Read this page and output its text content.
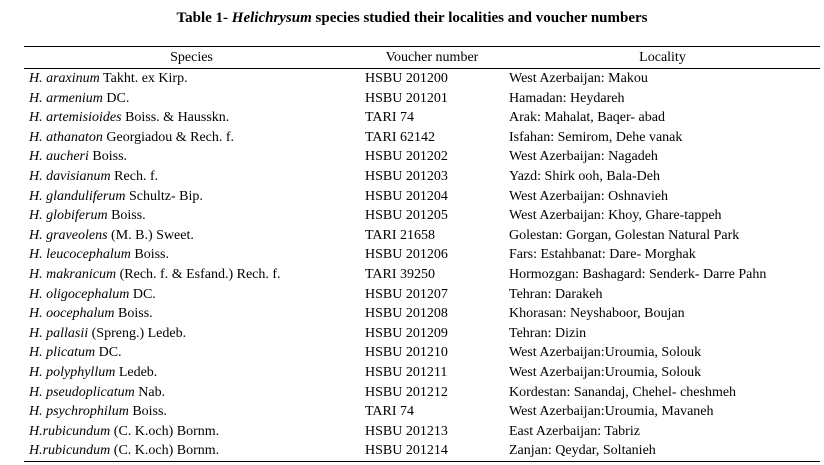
Table 1- Helichrysum species studied their localities and voucher numbers
Species	Voucher number	Locality
H. araxinum Takht. ex Kirp.	HSBU 201200	West Azerbaijan: Makou
H. armenium DC.	HSBU 201201	Hamadan: Heydareh
H. artemisioides Boiss. & Hausskn.	TARI 74	Arak: Mahalat, Baqer- abad
H. athanaton Georgiadou & Rech. f.	TARI 62142	Isfahan: Semirom, Dehe vanak
H. aucheri Boiss.	HSBU 201202	West Azerbaijan: Nagadeh
H. davisianum Rech. f.	HSBU 201203	Yazd: Shirk ooh, Bala-Deh
H. glanduliferum Schultz- Bip.	HSBU 201204	West Azerbaijan: Oshnavieh
H. globiferum Boiss.	HSBU 201205	West Azerbaijan: Khoy, Ghare-tappeh
H. graveolens (M. B.) Sweet.	TARI 21658	Golestan: Gorgan, Golestan Natural Park
H. leucocephalum Boiss.	HSBU 201206	Fars: Estahbanat: Dare- Morghak
H. makranicum (Rech. f. & Esfand.) Rech. f.	TARI 39250	Hormozgan: Bashagard: Senderk- Darre Pahn
H. oligocephalum DC.	HSBU 201207	Tehran: Darakeh
H. oocephalum Boiss.	HSBU 201208	Khorasan: Neyshaboor, Boujan
H. pallasii (Spreng.) Ledeb.	HSBU 201209	Tehran: Dizin
H. plicatum DC.	HSBU 201210	West Azerbaijan:Uroumia, Solouk
H. polyphyllum Ledeb.	HSBU 201211	West Azerbaijan:Uroumia, Solouk
H. pseudoplicatum Nab.	HSBU 201212	Kordestan: Sanandaj, Chehel- cheshmeh
H. psychrophilum Boiss.	TARI 74	West Azerbaijan:Uroumia, Mavaneh
H.rubicundum (C. K.och) Bornm.	HSBU 201213	East Azerbaijan: Tabriz
H.rubicundum (C. K.och) Bornm.	HSBU 201214	Zanjan: Qeydar, Soltanieh
